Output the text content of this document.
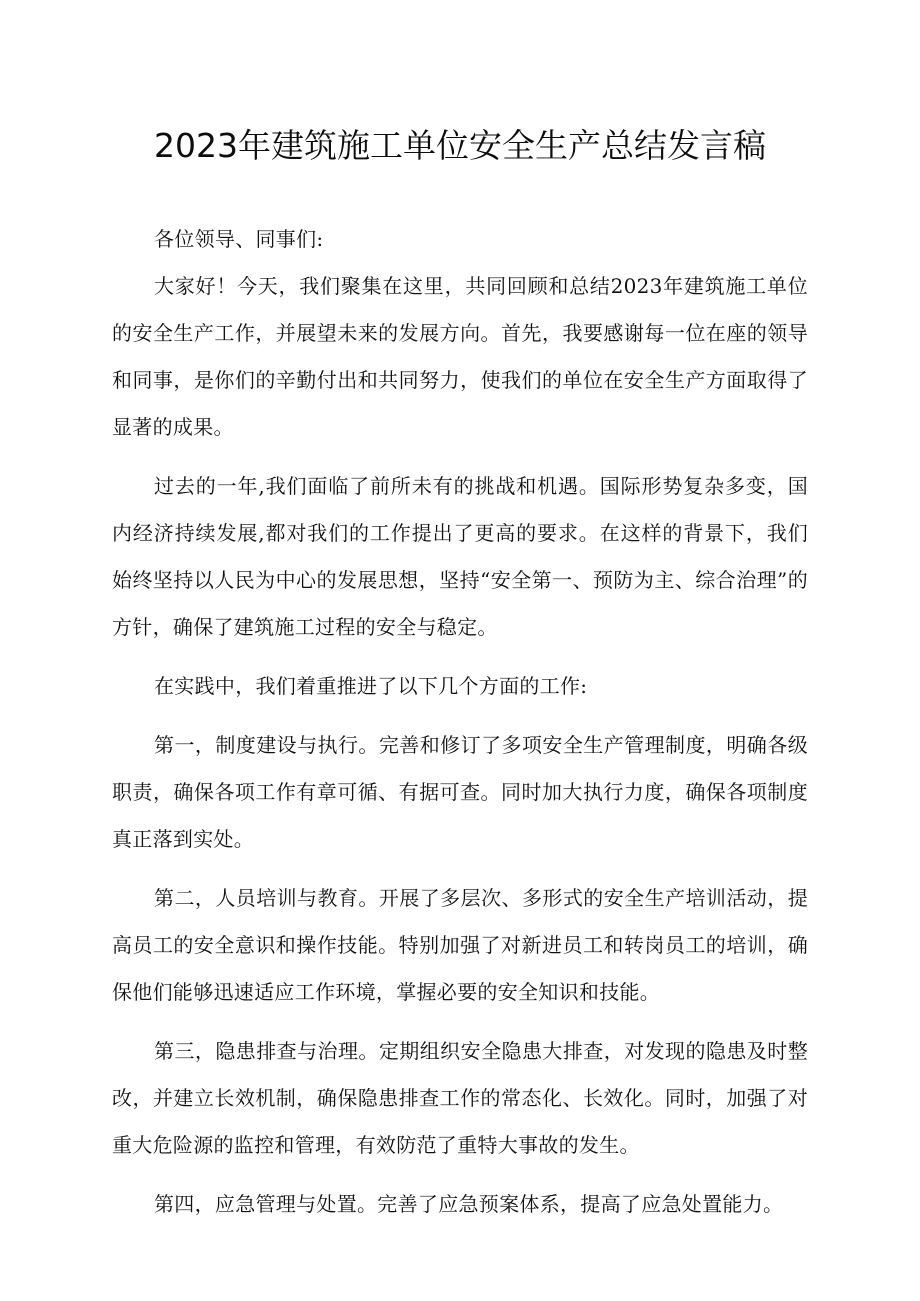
2023年建筑施工单位安全生产总结发言稿

各位领导、同事们:

大家好！今天，我们聚集在这里，共同回顾和总结2023年建筑施工单位的安全生产工作，并展望未来的发展方向。首先，我要感谢每一位在座的领导和同事，是你们的辛勤付出和共同努力，使我们的单位在安全生产方面取得了显著的成果。

过去的一年,我们面临了前所未有的挑战和机遇。国际形势复杂多变，国内经济持续发展,都对我们的工作提出了更高的要求。在这样的背景下，我们始终坚持以人民为中心的发展思想，坚持“安全第一、预防为主、综合治理”的方针，确保了建筑施工过程的安全与稳定。

在实践中，我们着重推进了以下几个方面的工作:

第一，制度建设与执行。完善和修订了多项安全生产管理制度，明确各级职责，确保各项工作有章可循、有据可查。同时加大执行力度，确保各项制度真正落到实处。

第二，人员培训与教育。开展了多层次、多形式的安全生产培训活动，提高员工的安全意识和操作技能。特别加强了对新进员工和转岗员工的培训，确保他们能够迅速适应工作环境，掌握必要的安全知识和技能。

第三，隐患排查与治理。定期组织安全隐患大排查，对发现的隐患及时整改，并建立长效机制，确保隐患排查工作的常态化、长效化。同时，加强了对重大危险源的监控和管理，有效防范了重特大事故的发生。

第四，应急管理与处置。完善了应急预案体系，提高了应急处置能力。
